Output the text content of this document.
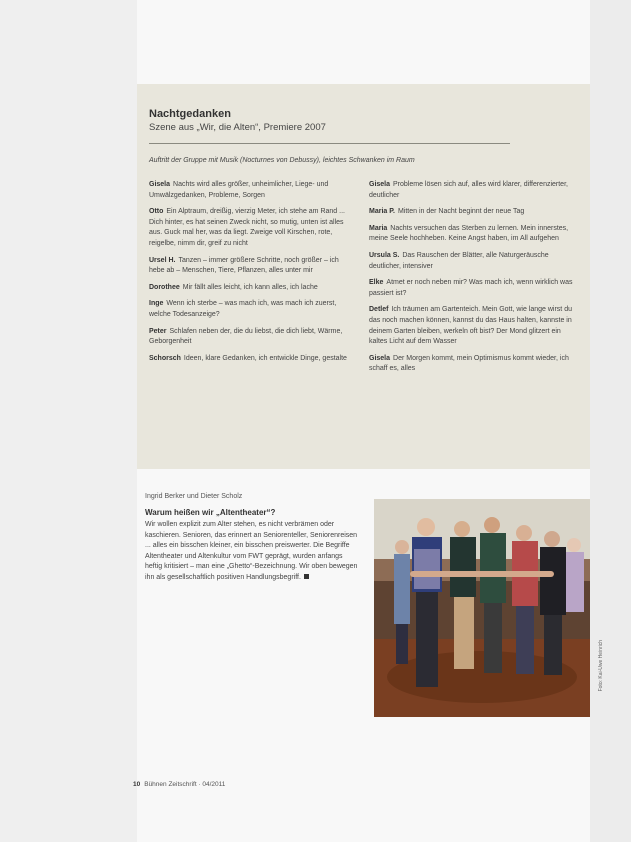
Nachtgedanken
Szene aus „Wir, die Alten“, Premiere 2007
Auftritt der Gruppe mit Musik (Nocturnes von Debussy), leichtes Schwanken im Raum
Gisela Nachts wird alles größer, unheimlicher, Liege- und Umwälzgedanken, Probleme, Sorgen
Otto Ein Alptraum, dreißig, vierzig Meter, ich stehe am Rand ... Dich hinter, es hat seinen Zweck nicht, so mutig, unten ist alles aus. Guck mal her, was da liegt. Zweige voll Kirschen, rote, reigelbe, nimm dir, greif zu nicht
Ursel H. Tanzen – immer größere Schritte, noch größer – ich hebe ab – Menschen, Tiere, Pflanzen, alles unter mir
Dorothee Mir fällt alles leicht, ich kann alles, ich lache
Inge Wenn ich sterbe – was mach ich, was mach ich zuerst, welche Todesanzeige?
Peter Schlafen neben der, die du liebst, die dich liebt, Wärme, Geborgenheit
Schorsch Ideen, klare Gedanken, ich entwickle Dinge, gestalte
Gisela Probleme lösen sich auf, alles wird klarer, differenzierter, deutlicher
Maria P. Mitten in der Nacht beginnt der neue Tag
Maria Nachts versuchen das Sterben zu lernen. Mein innerstes, meine Seele hochheben. Keine Angst haben, im All aufgehen
Ursula S. Das Rauschen der Blätter, alle Naturgeräusche deutlicher, intensiver
Elke Atmet er noch neben mir? Was mach ich, wenn wirklich was passiert ist?
Detlef Ich träumen am Gartenteich. Mein Gott, wie lange wirst du das noch machen können, kannst du das Haus halten, kannste in deinem Garten bleiben, werkeln oft bist? Der Mond glitzert ein kaltes Licht auf dem Wasser
Gisela Der Morgen kommt, mein Optimismus kommt wieder, ich schaff es, alles
Ingrid Berker und Dieter Scholz
Warum heißen wir „Altentheater“?
Wir wollen explizit zum Alter stehen, es nicht verbrämen oder kaschieren. Senioren, das erinnert an Seniorenteller, Seniorenreisen ... alles ein bisschen kleiner, ein bisschen preiswerter. Die Begriffe Altentheater und Altenkultur vom FWT geprägt, wurden anfangs heftig kritisiert – man eine „Ghetto“-Bezeichnung. Wir oben bewegen ihn als gesellschaftlich positiven Handlungsbegriff.
Foto: Kai-Uwe Heinrich
10 Bühnen Zeitschrift · 04/2011
